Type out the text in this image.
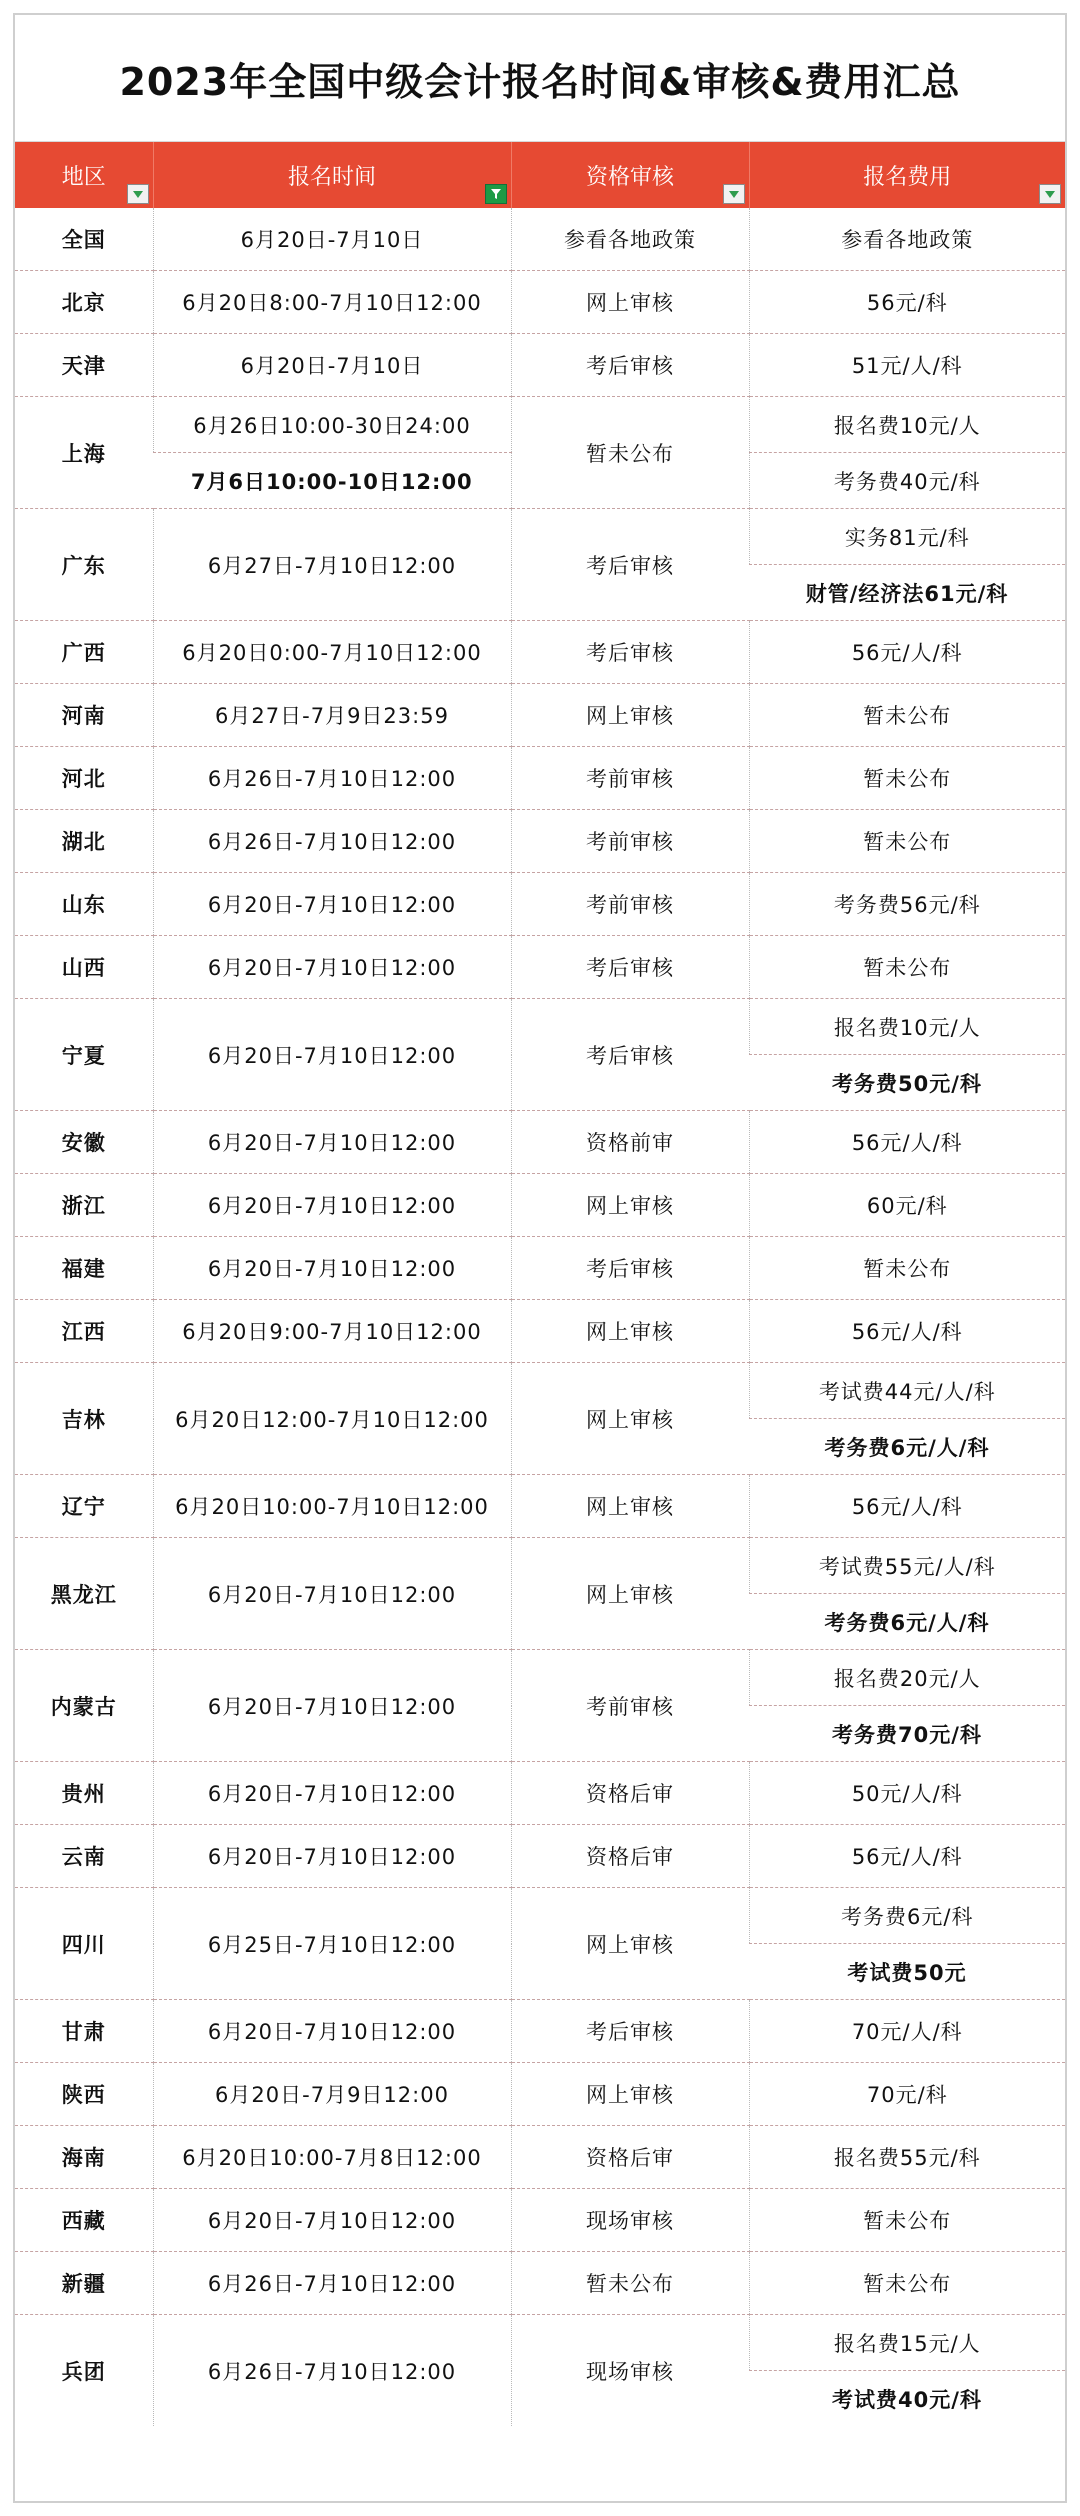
2023年全国中级会计报名时间&审核&费用汇总
地区	报名时间	资格审核	报名费用

全国	6月20日-7月10日	参看各地政策	参看各地政策
北京	6月20日8:00-7月10日12:00	网上审核	56元/科
天津	6月20日-7月10日	考后审核	51元/人/科
上海	6月26日10:00-30日24:00	暂未公布	报名费10元/人
	7月6日10:00-10日12:00		考务费40元/科
广东	6月27日-7月10日12:00	考后审核	实务81元/科
			财管/经济法61元/科
广西	6月20日0:00-7月10日12:00	考后审核	56元/人/科
河南	6月27日-7月9日23:59	网上审核	暂未公布
河北	6月26日-7月10日12:00	考前审核	暂未公布
湖北	6月26日-7月10日12:00	考前审核	暂未公布
山东	6月20日-7月10日12:00	考前审核	考务费56元/科
山西	6月20日-7月10日12:00	考后审核	暂未公布
宁夏	6月20日-7月10日12:00	考后审核	报名费10元/人
			考务费50元/科
安徽	6月20日-7月10日12:00	资格前审	56元/人/科
浙江	6月20日-7月10日12:00	网上审核	60元/科
福建	6月20日-7月10日12:00	考后审核	暂未公布
江西	6月20日9:00-7月10日12:00	网上审核	56元/人/科
吉林	6月20日12:00-7月10日12:00	网上审核	考试费44元/人/科
			考务费6元/人/科
辽宁	6月20日10:00-7月10日12:00	网上审核	56元/人/科
黑龙江	6月20日-7月10日12:00	网上审核	考试费55元/人/科
			考务费6元/人/科
内蒙古	6月20日-7月10日12:00	考前审核	报名费20元/人
			考务费70元/科
贵州	6月20日-7月10日12:00	资格后审	50元/人/科
云南	6月20日-7月10日12:00	资格后审	56元/人/科
四川	6月25日-7月10日12:00	网上审核	考务费6元/科
			考试费50元
甘肃	6月20日-7月10日12:00	考后审核	70元/人/科
陕西	6月20日-7月9日12:00	网上审核	70元/科
海南	6月20日10:00-7月8日12:00	资格后审	报名费55元/科
西藏	6月20日-7月10日12:00	现场审核	暂未公布
新疆	6月26日-7月10日12:00	暂未公布	暂未公布
兵团	6月26日-7月10日12:00	现场审核	报名费15元/人
			考试费40元/科
